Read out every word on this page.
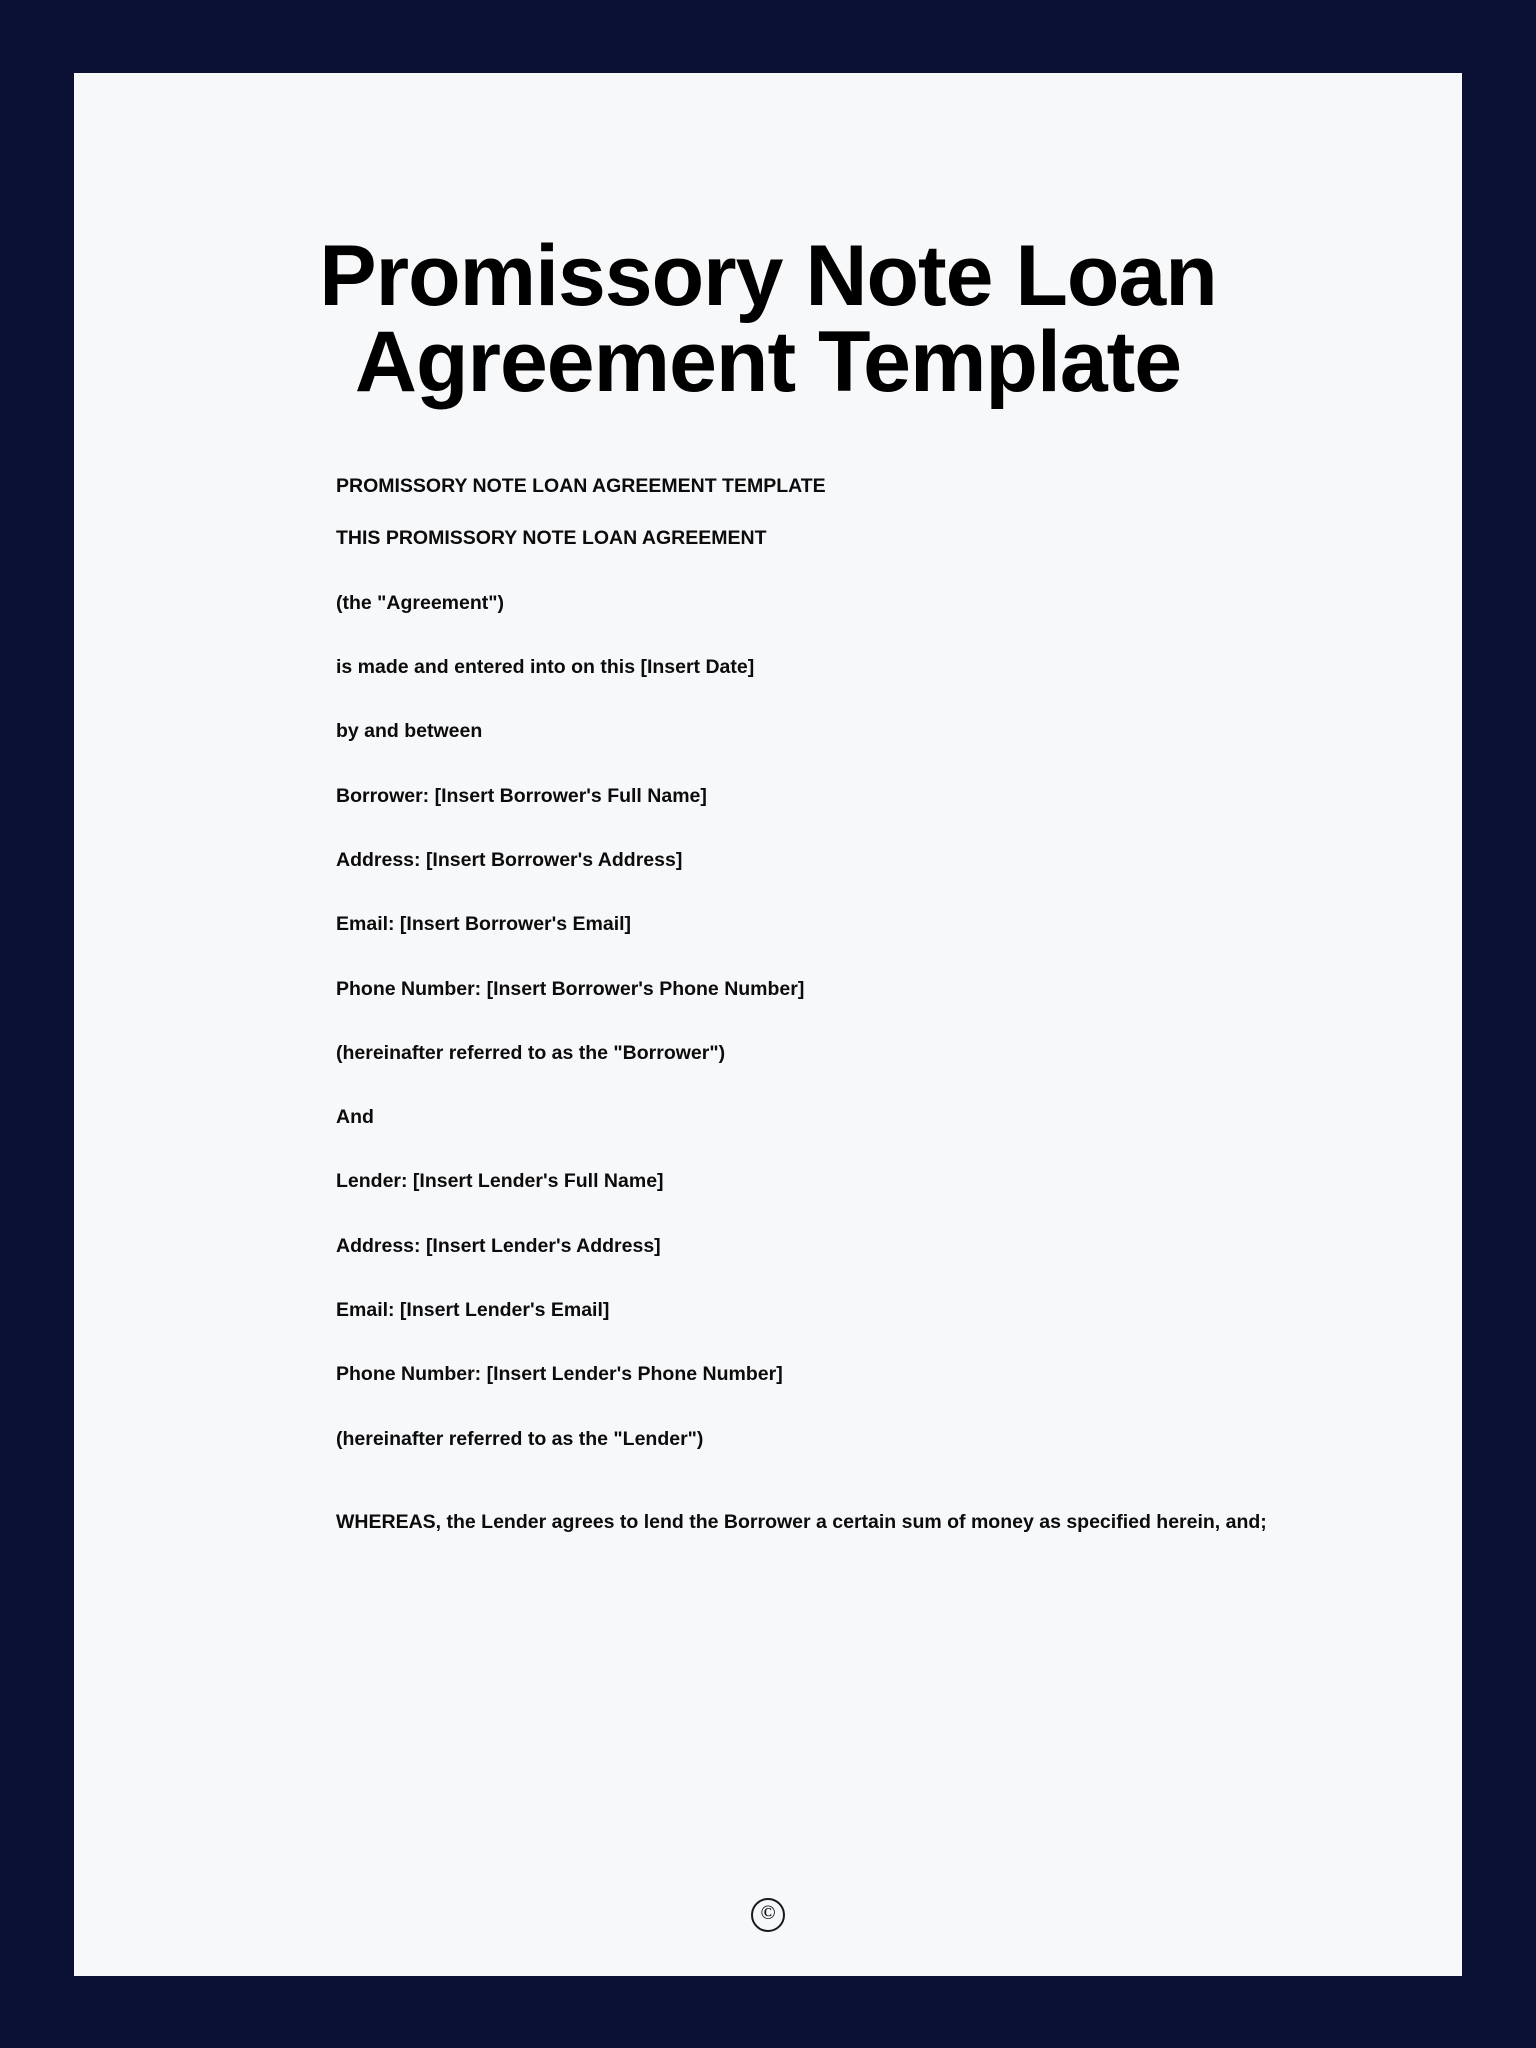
Promissory Note Loan Agreement Template

PROMISSORY NOTE LOAN AGREEMENT TEMPLATE

THIS PROMISSORY NOTE LOAN AGREEMENT

(the "Agreement")

is made and entered into on this [Insert Date]

by and between

Borrower: [Insert Borrower's Full Name]

Address: [Insert Borrower's Address]

Email: [Insert Borrower's Email]

Phone Number: [Insert Borrower's Phone Number]

(hereinafter referred to as the "Borrower")

And

Lender: [Insert Lender's Full Name]

Address: [Insert Lender's Address]

Email: [Insert Lender's Email]

Phone Number: [Insert Lender's Phone Number]

(hereinafter referred to as the "Lender")

WHEREAS, the Lender agrees to lend the Borrower a certain sum of money as specified herein, and;

©
